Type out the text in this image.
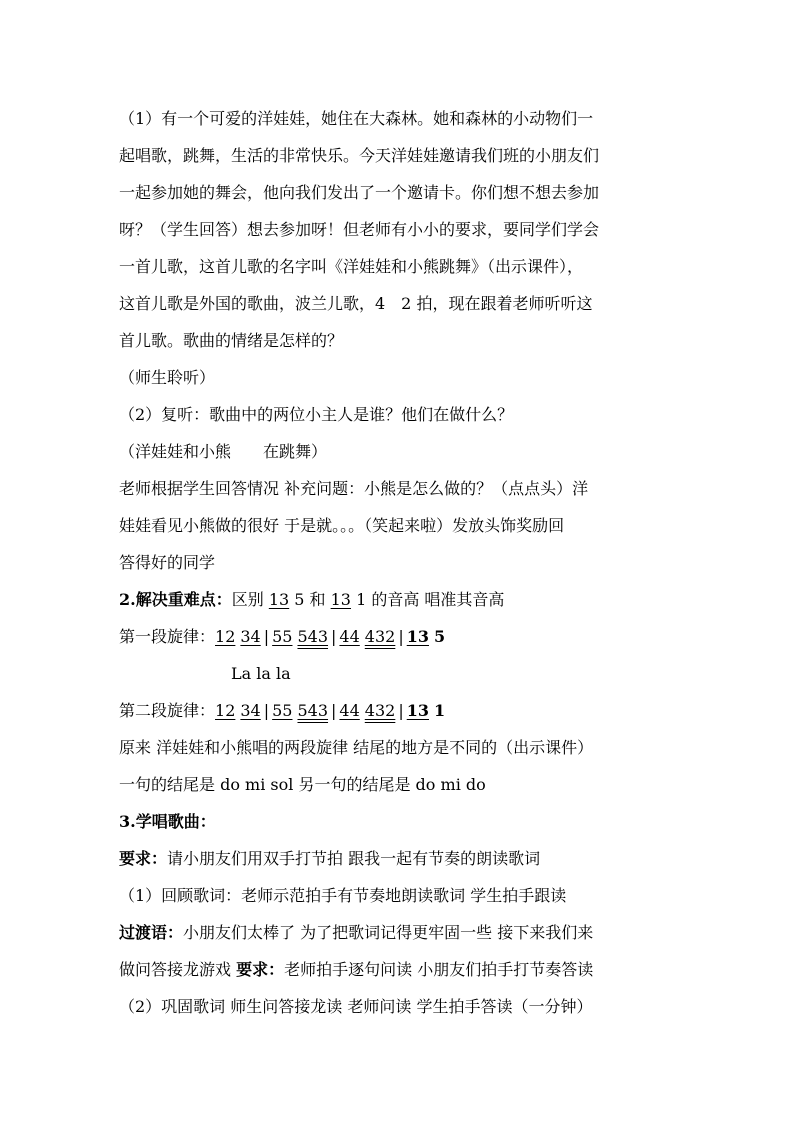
（1）有一个可爱的洋娃娃，她住在大森林。她和森林的小动物们一
起唱歌，跳舞，生活的非常快乐。今天洋娃娃邀请我们班的小朋友们
一起参加她的舞会，他向我们发出了一个邀请卡。你们想不想去参加
呀？（学生回答）想去参加呀！但老师有小小的要求，要同学们学会
一首儿歌，这首儿歌的名字叫《洋娃娃和小熊跳舞》（出示课件），
这首儿歌是外国的歌曲，波兰儿歌，4　2 拍，现在跟着老师听听这
首儿歌。歌曲的情绪是怎样的？
（师生聆听）
（2）复听：歌曲中的两位小主人是谁？他们在做什么？
（洋娃娃和小熊　　在跳舞）
老师根据学生回答情况 补充问题：小熊是怎么做的？（点点头）洋
娃娃看见小熊做的很好 于是就。。。（笑起来啦）发放头饰奖励回
答得好的同学
2.解决重难点：区别 13 5 和 13 1 的音高 唱准其音高
第一段旋律：12 34 | 55 543 | 44 432 | 13 5
La la la
第二段旋律：12 34 | 55 543 | 44 432 | 13 1
原来 洋娃娃和小熊唱的两段旋律 结尾的地方是不同的（出示课件）
一句的结尾是 do mi sol 另一句的结尾是 do mi do
3.学唱歌曲：
要求：请小朋友们用双手打节拍 跟我一起有节奏的朗读歌词
（1）回顾歌词：老师示范拍手有节奏地朗读歌词 学生拍手跟读
过渡语：小朋友们太棒了 为了把歌词记得更牢固一些 接下来我们来
做问答接龙游戏 要求：老师拍手逐句问读 小朋友们拍手打节奏答读
（2）巩固歌词 师生问答接龙读 老师问读 学生拍手答读（一分钟）
